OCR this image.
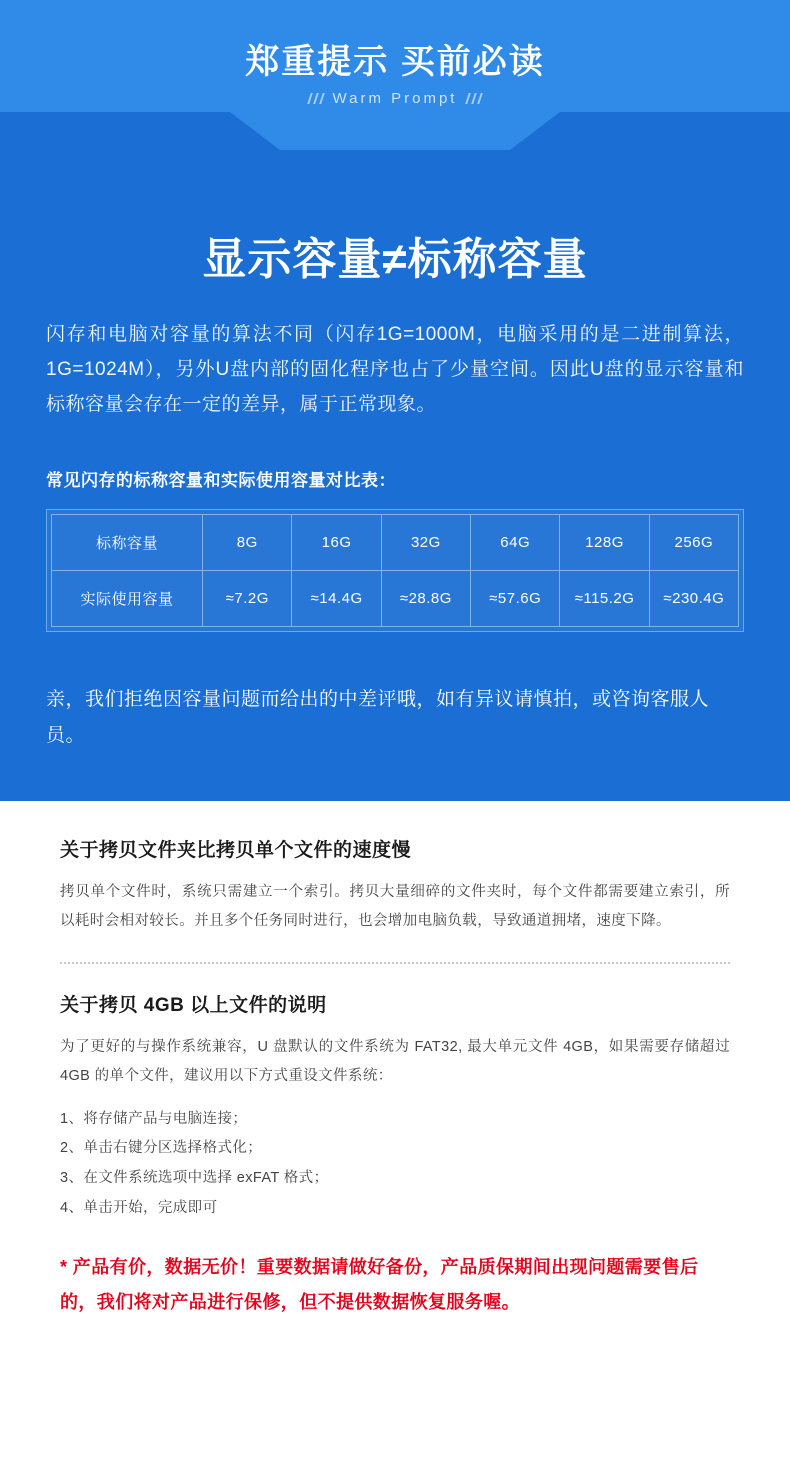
郑重提示 买前必读
Warm Prompt
显示容量≠标称容量
闪存和电脑对容量的算法不同（闪存1G=1000M，电脑采用的是二进制算法，1G=1024M），另外U盘内部的固化程序也占了少量空间。因此U盘的显示容量和标称容量会存在一定的差异，属于正常现象。
常见闪存的标称容量和实际使用容量对比表：
标称容量	8G	16G	32G	64G	128G	256G
实际使用容量	≈7.2G	≈14.4G	≈28.8G	≈57.6G	≈115.2G	≈230.4G
亲，我们拒绝因容量问题而给出的中差评哦，如有异议请慎拍，或咨询客服人员。
关于拷贝文件夹比拷贝单个文件的速度慢
拷贝单个文件时，系统只需建立一个索引。拷贝大量细碎的文件夹时，每个文件都需要建立索引，所以耗时会相对较长。并且多个任务同时进行，也会增加电脑负载，导致通道拥堵，速度下降。
关于拷贝 4GB 以上文件的说明
为了更好的与操作系统兼容，U 盘默认的文件系统为 FAT32, 最大单元文件 4GB，如果需要存储超过 4GB 的单个文件，建议用以下方式重设文件系统：
1、将存储产品与电脑连接；
2、单击右键分区选择格式化；
3、在文件系统选项中选择 exFAT 格式；
4、单击开始，完成即可
* 产品有价，数据无价！重要数据请做好备份，产品质保期间出现问题需要售后的，我们将对产品进行保修，但不提供数据恢复服务喔。
